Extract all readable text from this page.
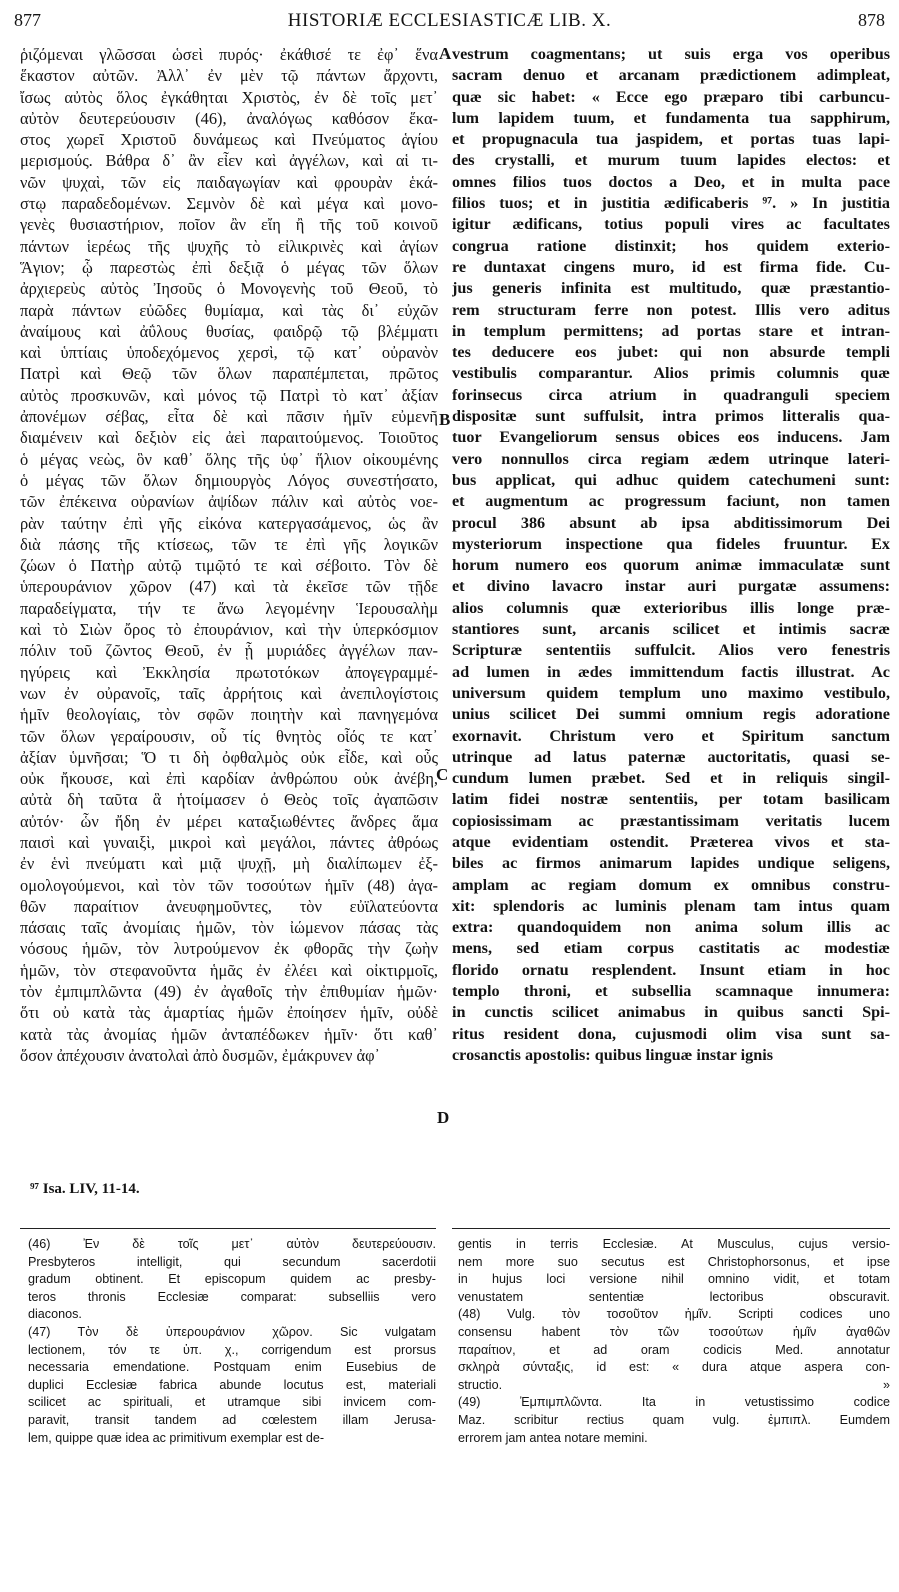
877	HISTORIÆ ECCLESIASTICÆ LIB. X.	878
ῥιζόμεναι γλῶσσαι ὡσεὶ πυρός· ἐκάθισέ τε ἐφ᾽ ἕνα
ἕκαστον αὐτῶν. Ἀλλ᾽ ἐν μὲν τῷ πάντων ἄρχοντι,
ἴσως αὐτὸς ὅλος ἐγκάθηται Χριστὸς, ἐν δὲ τοῖς μετ᾽
αὐτὸν δευτερεύουσιν (46), ἀναλόγως καθόσον ἕκα-
στος χωρεῖ Χριστοῦ δυνάμεως καὶ Πνεύματος ἁγίου
μερισμούς. Βάθρα δ᾽ ἂν εἶεν καὶ ἀγγέλων, καὶ αἱ τι-
νῶν ψυχαὶ, τῶν εἰς παιδαγωγίαν καὶ φρουρὰν ἑκά-
στῳ παραδεδομένων. Σεμνὸν δὲ καὶ μέγα καὶ μονο-
γενὲς θυσιαστήριον, ποῖον ἂν εἴη ἢ τῆς τοῦ κοινοῦ
πάντων ἱερέως τῆς ψυχῆς τὸ εἰλικρινὲς καὶ ἁγίων
Ἅγιον; ᾧ παρεστὼς ἐπὶ δεξιᾷ ὁ μέγας τῶν ὅλων
ἀρχιερεὺς αὐτὸς Ἰησοῦς ὁ Μονογενὴς τοῦ Θεοῦ, τὸ
παρὰ πάντων εὐῶδες θυμίαμα, καὶ τὰς δι᾽ εὐχῶν
ἀναίμους καὶ ἀΰλους θυσίας, φαιδρῷ τῷ βλέμματι
καὶ ὑπτίαις ὑποδεχόμενος χερσὶ, τῷ κατ᾽ οὐρανὸν
Πατρὶ καὶ Θεῷ τῶν ὅλων παραπέμπεται, πρῶτος
αὐτὸς προσκυνῶν, καὶ μόνος τῷ Πατρὶ τὸ κατ᾽ ἀξίαν
ἀπονέμων σέβας, εἶτα δὲ καὶ πᾶσιν ἡμῖν εὐμενῆ
διαμένειν καὶ δεξιὸν εἰς ἀεὶ παραιτούμενος. Τοιοῦτος
ὁ μέγας νεὼς, ὃν καθ᾽ ὅλης τῆς ὑφ᾽ ἥλιον οἰκουμένης
ὁ μέγας τῶν ὅλων δημιουργὸς Λόγος συνεστήσατο,
τῶν ἐπέκεινα οὐρανίων ἀψίδων πάλιν καὶ αὐτὸς νοε-
ρὰν ταύτην ἐπὶ γῆς εἰκόνα κατεργασάμενος, ὡς ἂν
διὰ πάσης τῆς κτίσεως, τῶν τε ἐπὶ γῆς λογικῶν
ζώων ὁ Πατὴρ αὐτῷ τιμῷτό τε καὶ σέβοιτο. Τὸν δὲ
ὑπερουράνιον χῶρον (47) καὶ τὰ ἐκεῖσε τῶν τῇδε
παραδείγματα, τήν τε ἄνω λεγομένην Ἱερουσαλὴμ
καὶ τὸ Σιὼν ὄρος τὸ ἐπουράνιον, καὶ τὴν ὑπερκόσμιον
πόλιν τοῦ ζῶντος Θεοῦ, ἐν ᾗ μυριάδες ἀγγέλων παν-
ηγύρεις καὶ Ἐκκλησία πρωτοτόκων ἀπογεγραμμέ-
νων ἐν οὐρανοῖς, ταῖς ἀρρήτοις καὶ ἀνεπιλογίστοις
ἡμῖν θεολογίαις, τὸν σφῶν ποιητὴν καὶ πανηγεμόνα
τῶν ὅλων γεραίρουσιν, οὗ τίς θνητὸς οἷός τε κατ᾽
ἀξίαν ὑμνῆσαι; Ὅ τι δὴ ὀφθαλμὸς οὐκ εἶδε, καὶ οὖς
οὐκ ἤκουσε, καὶ ἐπὶ καρδίαν ἀνθρώπου οὐκ ἀνέβη,
αὐτὰ δὴ ταῦτα ἃ ἡτοίμασεν ὁ Θεὸς τοῖς ἀγαπῶσιν
αὐτόν· ὧν ἤδη ἐν μέρει καταξιωθέντες ἄνδρες ἅμα
παισὶ καὶ γυναιξὶ, μικροὶ καὶ μεγάλοι, πάντες ἀθρόως
ἐν ἑνὶ πνεύματι καὶ μιᾷ ψυχῇ, μὴ διαλίπωμεν ἐξ-
ομολογούμενοι, καὶ τὸν τῶν τοσούτων ἡμῖν (48) ἀγα-
θῶν παραίτιον ἀνευφημοῦντες, τὸν εὐϊλατεύοντα
πάσαις ταῖς ἀνομίαις ἡμῶν, τὸν ἰώμενον πάσας τὰς
νόσους ἡμῶν, τὸν λυτρούμενον ἐκ φθορᾶς τὴν ζωὴν
ἡμῶν, τὸν στεφανοῦντα ἡμᾶς ἐν ἐλέει καὶ οἰκτιρμοῖς,
τὸν ἐμπιμπλῶντα (49) ἐν ἀγαθοῖς τὴν ἐπιθυμίαν ἡμῶν·
ὅτι οὐ κατὰ τὰς ἁμαρτίας ἡμῶν ἐποίησεν ἡμῖν, οὐδὲ
κατὰ τὰς ἀνομίας ἡμῶν ἀνταπέδωκεν ἡμῖν· ὅτι καθ᾽
ὅσον ἀπέχουσιν ἀνατολαὶ ἀπὸ δυσμῶν, ἐμάκρυνεν ἀφ᾽
vestrum coagmentans; ut suis erga vos operibus
sacram denuo et arcanam prædictionem adimpleat,
quæ sic habet: « Ecce ego præparo tibi carbuncu-
lum lapidem tuum, et fundamenta tua sapphirum,
et propugnacula tua jaspidem, et portas tuas lapi-
des crystalli, et murum tuum lapides electos: et
omnes filios tuos doctos a Deo, et in multa pace
filios tuos; et in justitia ædificaberis ⁹⁷. » In justitia
igitur ædificans, totius populi vires ac facultates
congrua ratione distinxit; hos quidem exterio-
re duntaxat cingens muro, id est firma fide. Cu-
jus generis infinita est multitudo, quæ præstantio-
rem structuram ferre non potest. Illis vero aditus
in templum permittens; ad portas stare et intran-
tes deducere eos jubet: qui non absurde templi
vestibulis comparantur. Alios primis columnis quæ
forinsecus circa atrium in quadranguli speciem
dispositæ sunt suffulsit, intra primos litteralis qua-
tuor Evangeliorum sensus obices eos inducens. Jam
vero nonnullos circa regiam ædem utrinque lateri-
bus applicat, qui adhuc quidem catechumeni sunt:
et augmentum ac progressum faciunt, non tamen
procul 386 absunt ab ipsa abditissimorum Dei
mysteriorum inspectione qua fideles fruuntur. Ex
horum numero eos quorum animæ immaculatæ sunt
et divino lavacro instar auri purgatæ assumens:
alios columnis quæ exterioribus illis longe præ-
stantiores sunt, arcanis scilicet et intimis sacræ
Scripturæ sententiis suffulcit. Alios vero fenestris
ad lumen in ædes immittendum factis illustrat. Ac
universum quidem templum uno maximo vestibulo,
unius scilicet Dei summi omnium regis adoratione
exornavit. Christum vero et Spiritum sanctum
utrinque ad latus paternæ auctoritatis, quasi se-
cundum lumen præbet. Sed et in reliquis singil-
latim fidei nostræ sententiis, per totam basilicam
copiosissimam ac præstantissimam veritatis lucem
atque evidentiam ostendit. Præterea vivos et sta-
biles ac firmos animarum lapides undique seligens,
amplam ac regiam domum ex omnibus constru-
xit: splendoris ac luminis plenam tam intus quam
extra: quandoquidem non anima solum illis ac
mens, sed etiam corpus castitatis ac modestiæ
florido ornatu resplendent. Insunt etiam in hoc
templo throni, et subsellia scamnaque innumera:
in cunctis scilicet animabus in quibus sancti Spi-
ritus resident dona, cujusmodi olim visa sunt sa-
crosanctis apostolis: quibus linguæ instar ignis
A
B
C
D
⁹⁷ Isa. LIV, 11-14.
(46) Ἐν δὲ τοῖς μετ᾽ αὐτὸν δευτερεύουσιν.
Presbyteros intelligit, qui secundum sacerdotii
gradum obtinent. Et episcopum quidem ac presby-
teros thronis Ecclesiæ comparat: subselliis vero
diaconos.
(47) Τὸν δὲ ὑπερουράνιον χῶρον. Sic vulgatam
lectionem, τόν τε ὑπ. χ., corrigendum est prorsus
necessaria emendatione. Postquam enim Eusebius de
duplici Ecclesiæ fabrica abunde locutus est, materiali
scilicet ac spirituali, et utramque sibi invicem com-
paravit, transit tandem ad cœlestem illam Jerusa-
lem, quippe quæ idea ac primitivum exemplar est de-
gentis in terris Ecclesiæ. At Musculus, cujus versio-
nem more suo secutus est Christophorsonus, et ipse
in hujus loci versione nihil omnino vidit, et totam
venustatem sententiæ lectoribus obscuravit.
(48) Vulg. τὸν τοσοῦτον ἡμῖν. Scripti codices uno
consensu habent τὸν τῶν τοσούτων ἡμῖν ἀγαθῶν
παραίτιον, et ad oram codicis Med. annotatur
σκληρὰ σύνταξις, id est: « dura atque aspera con-
structio. »
(49) Ἐμπιμπλῶντα. Ita in vetustissimo codice
Maz. scribitur rectius quam vulg. ἐμπιπλ. Eumdem
errorem jam antea notare memini.
